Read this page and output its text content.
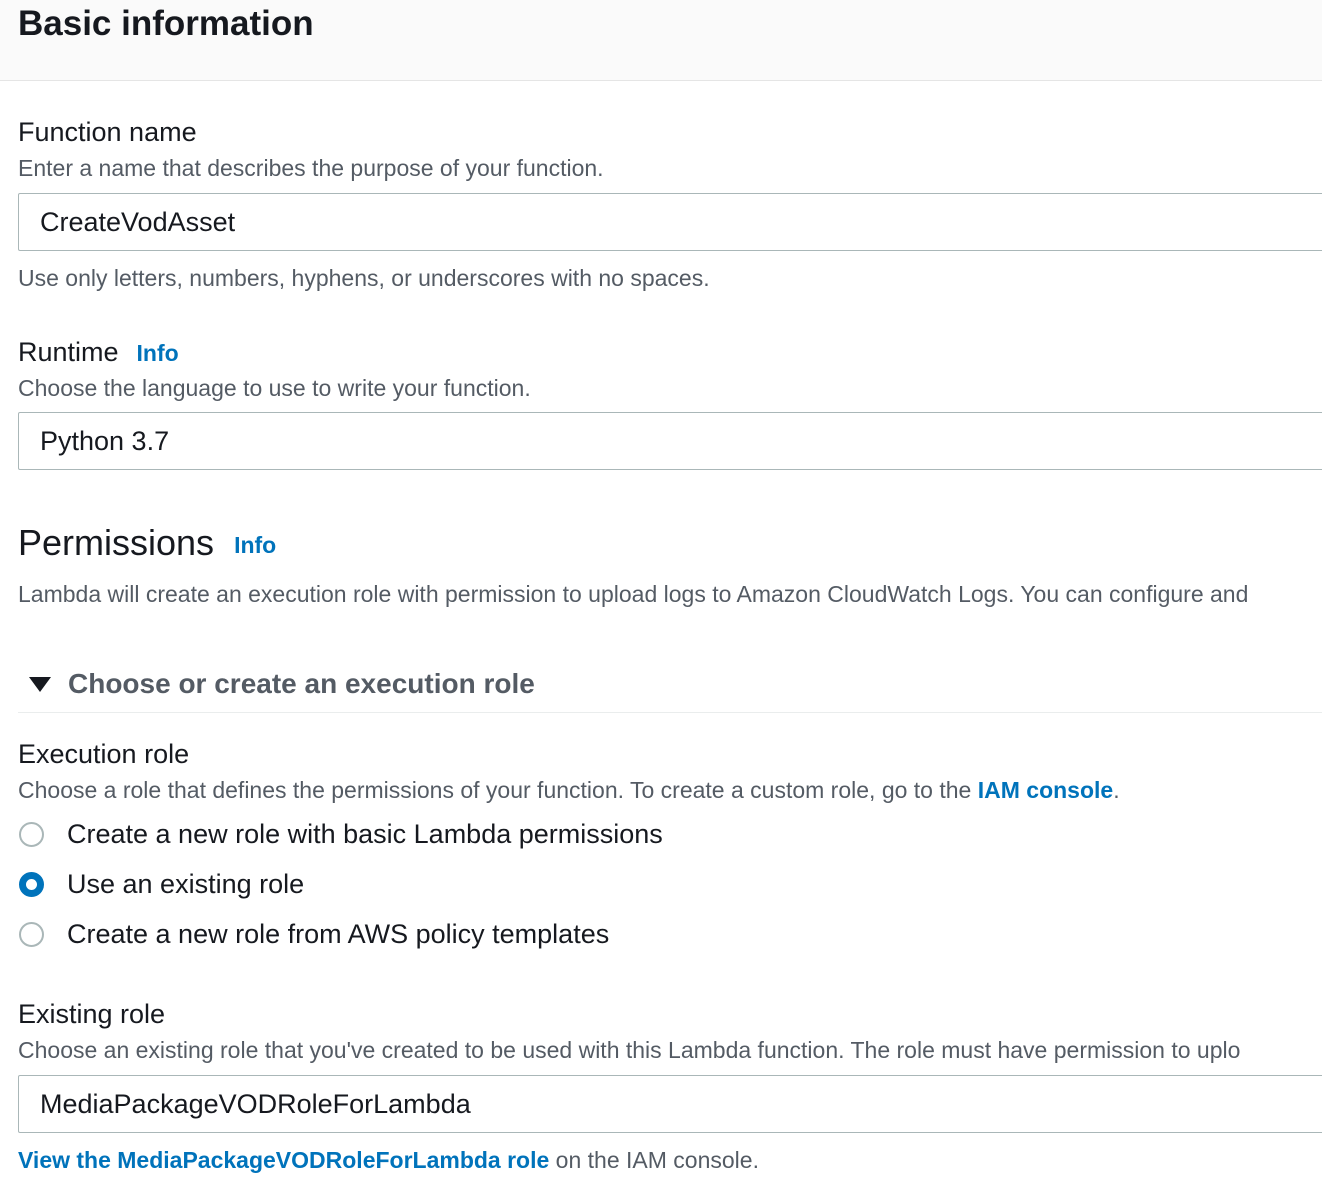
Basic information
Function name
Enter a name that describes the purpose of your function.
CreateVodAsset
Use only letters, numbers, hyphens, or underscores with no spaces.
Runtime Info
Choose the language to use to write your function.
Python 3.7
Permissions Info
Lambda will create an execution role with permission to upload logs to Amazon CloudWatch Logs. You can configure and
Choose or create an execution role
Execution role
Choose a role that defines the permissions of your function. To create a custom role, go to the IAM console.
Create a new role with basic Lambda permissions
Use an existing role
Create a new role from AWS policy templates
Existing role
Choose an existing role that you've created to be used with this Lambda function. The role must have permission to uplo
MediaPackageVODRoleForLambda
View the MediaPackageVODRoleForLambda role on the IAM console.
